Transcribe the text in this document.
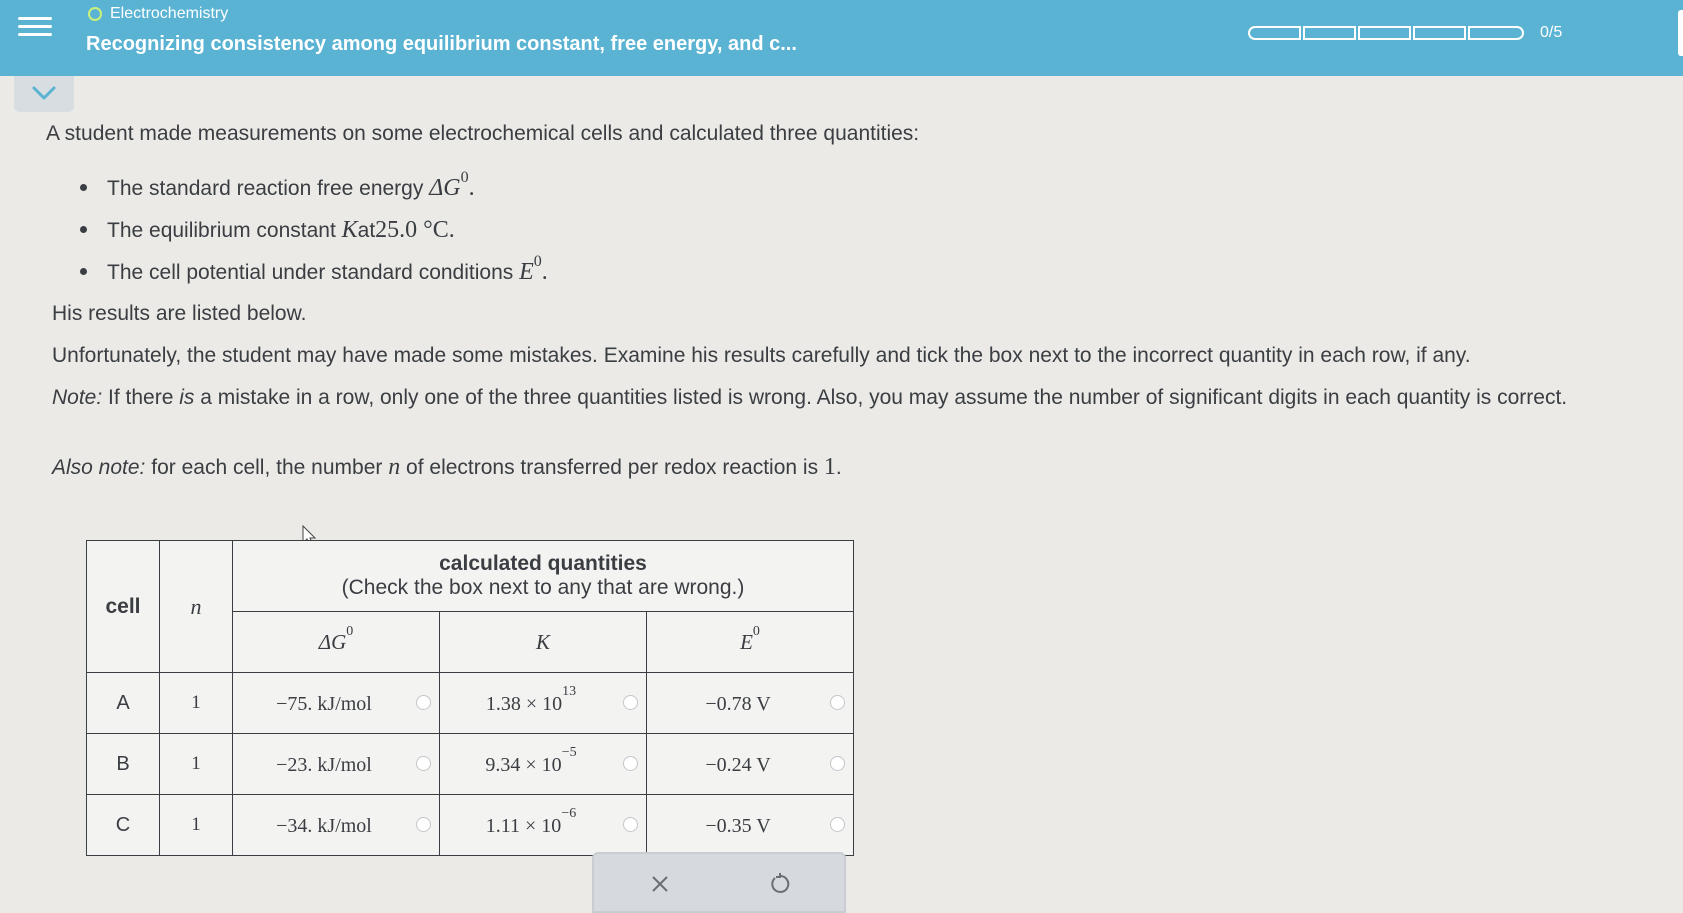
Electrochemistry
Recognizing consistency among equilibrium constant, free energy, and c...
0/5
A student made measurements on some electrochemical cells and calculated three quantities:
The standard reaction free energy
$\Delta G^0$.
The equilibrium constant
K at 25.0 °C.
The cell potential under standard conditions
$E^0$.
His results are listed below.
Unfortunately, the student may have made some mistakes. Examine his results carefully and tick the box next to the incorrect quantity in each row, if any.
Note: If there is a mistake in a row, only one of the three quantities listed is wrong. Also, you may assume the number of significant digits in each quantity is correct.
Also note: for each cell, the number n of electrons transferred per redox reaction is 1.
cell	n	calculated quantities
(Check the box next to any that are wrong.)		
		$\Delta G^0$	K	$E^0$
A	1	−75. kJ/mol	$1.38 \times 10^{13}$	−0.78 V

B	1	−23. kJ/mol	$9.34 \times 10^{-5}$	−0.24 V

C	1	−34. kJ/mol	$1.11 \times 10^{-6}$	−0.35 V
